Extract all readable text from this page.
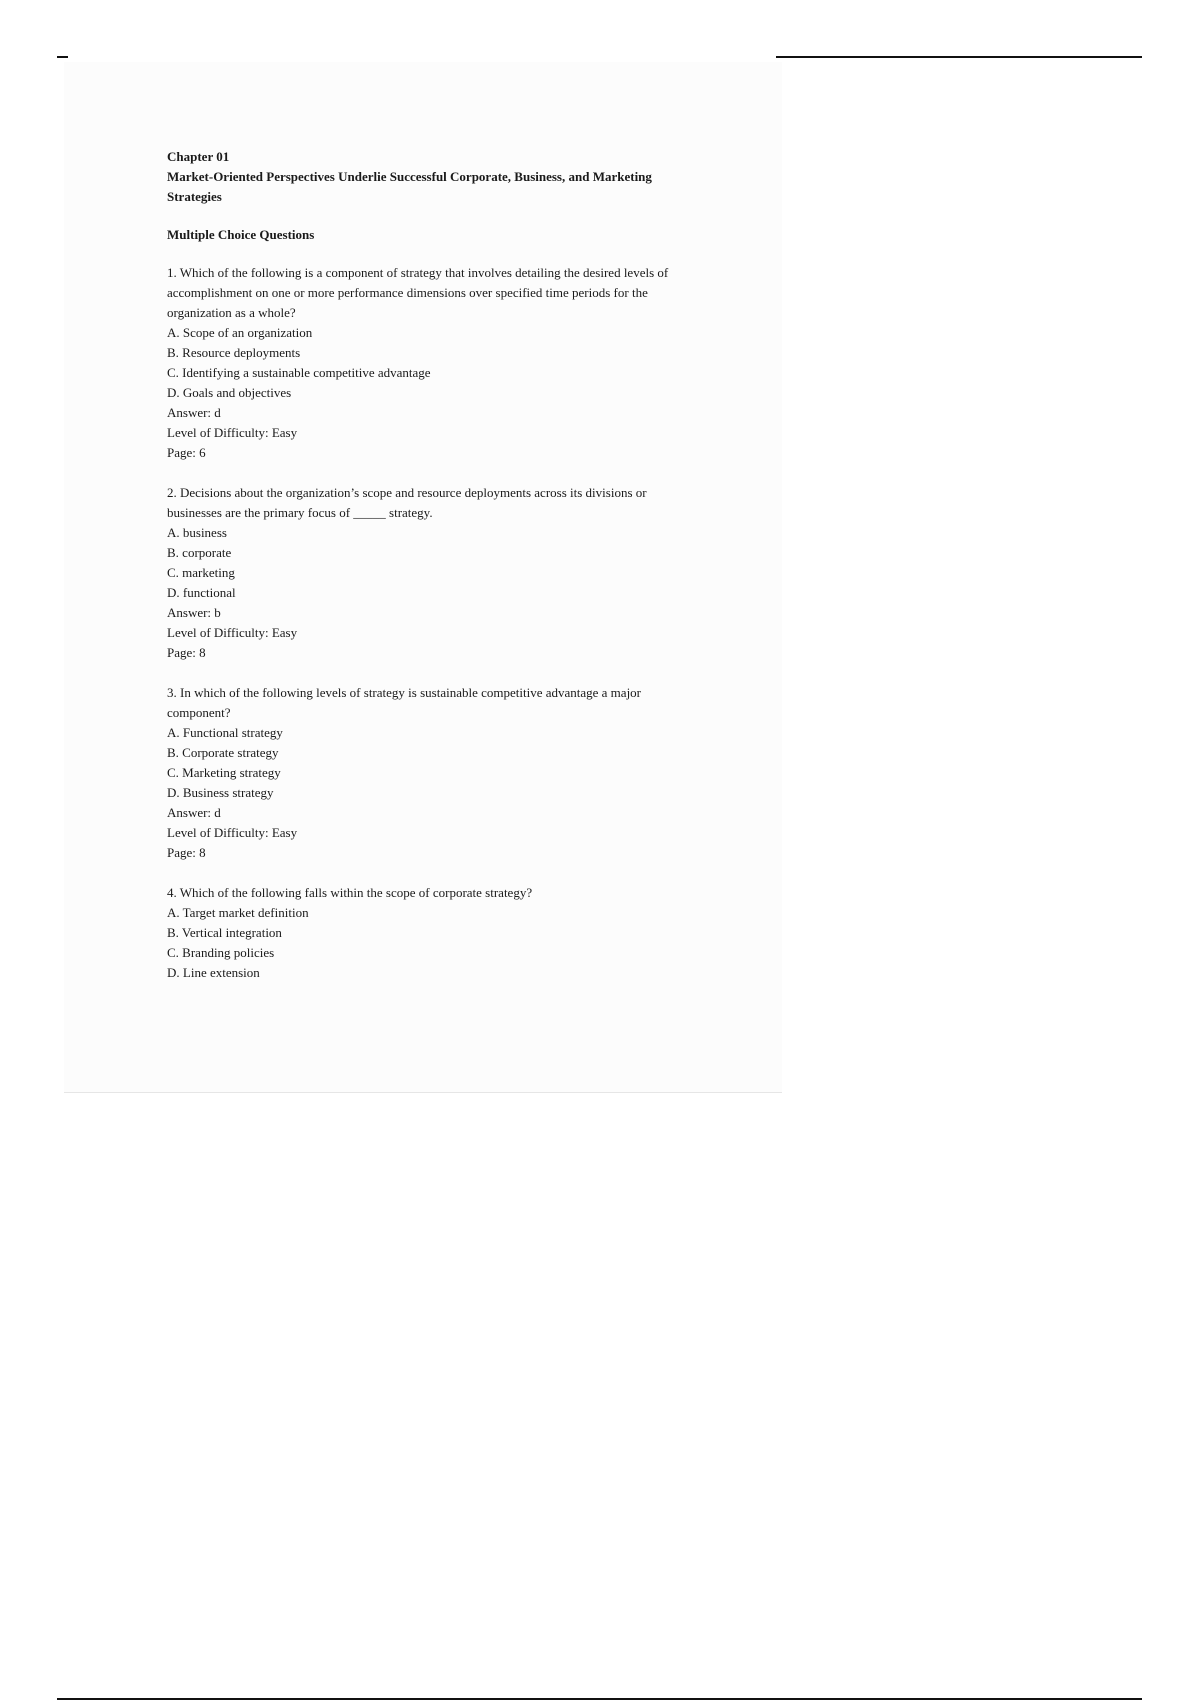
Chapter 01
Market-Oriented Perspectives Underlie Successful Corporate, Business, and Marketing Strategies
Multiple Choice Questions

1. Which of the following is a component of strategy that involves detailing the desired levels of accomplishment on one or more performance dimensions over specified time periods for the organization as a whole?

A. Scope of an organization

B. Resource deployments

C. Identifying a sustainable competitive advantage

D. Goals and objectives

Answer: d

Level of Difficulty: Easy

Page: 6

2. Decisions about the organization’s scope and resource deployments across its divisions or businesses are the primary focus of _____ strategy.

A. business

B. corporate

C. marketing

D. functional

Answer: b

Level of Difficulty: Easy

Page: 8

3. In which of the following levels of strategy is sustainable competitive advantage a major component?

A. Functional strategy

B. Corporate strategy

C. Marketing strategy

D. Business strategy

Answer: d

Level of Difficulty: Easy

Page: 8

4. Which of the following falls within the scope of corporate strategy?

A. Target market definition

B. Vertical integration

C. Branding policies

D. Line extension
